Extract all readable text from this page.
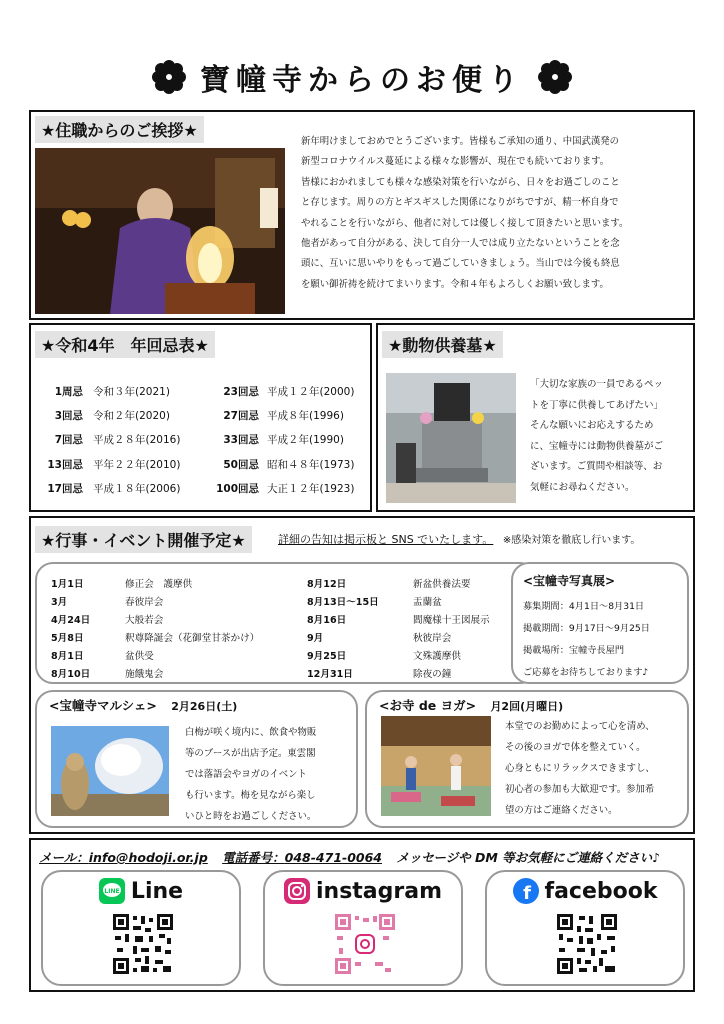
寶幢寺からのお便り
★住職からのご挨拶★
新年明けましておめでとうございます。皆様もご承知の通り、中国武漢発の
新型コロナウイルス蔓延による様々な影響が、現在でも続いております。
皆様におかれましても様々な感染対策を行いながら、日々をお過ごしのこと
と存じます。周りの方とギスギスした関係になりがちですが、精一杯自身で
やれることを行いながら、他者に対しては優しく接して頂きたいと思います。
他者があって自分がある、決して自分一人では成り立たないということを念
頭に、互いに思いやりをもって過ごしていきましょう。当山では今後も終息
を願い御祈祷を続けてまいります。令和４年もよろしくお願い致します。
★令和4年　年回忌表★
1周忌 令和３年(2021)	23回忌 平成１２年(2000)
3回忌 令和２年(2020)	27回忌 平成８年(1996)
7回忌 平成２８年(2016)	33回忌 平成２年(1990)
13回忌 平年２２年(2010)	50回忌 昭和４８年(1973)
17回忌 平成１８年(2006)	100回忌 大正１２年(1923)
★動物供養墓★
「大切な家族の一員であるペッ
トを丁寧に供養してあげたい」
そんな願いにお応えするため
に、宝幢寺には動物供養墓がご
ざいます。ご質問や相談等、お
気軽にお尋ねください。
★行事・イベント開催予定★	詳細の告知は掲示板と SNS でいたします。 ※感染対策を徹底し行います。
1月1日	修正会　護摩供
3月	春彼岸会
4月24日	大般若会
5月8日	釈尊降誕会（花御堂甘茶かけ）
8月1日	盆供受
8月10日	施餓鬼会
8月12日	新盆供養法要
8月13日～15日	盂蘭盆
8月16日	閻魔様十王図展示
9月	秋彼岸会
9月25日	文殊護摩供
12月31日	除夜の鐘
<宝幢寺写真展>
募集期間：4月1日～8月31日
掲載期間：9月17日～9月25日
掲載場所：宝幢寺長屋門
ご応募をお待ちしております♪
<宝幢寺マルシェ> 2月26日(土)
白梅が咲く境内に、飲食や物販
等のブースが出店予定。東雲閣
では落語会やヨガのイベント
も行います。梅を見ながら楽し
いひと時をお過ごしください。
<お寺 de ヨガ> 月2回(月曜日)
本堂でのお勤めによって心を清め、
その後のヨガで体を整えていく。
心身ともにリラックスできますし、
初心者の参加も大歓迎です。参加希
望の方はご連絡ください。
メール：info@hodoji.or.jp 電話番号：048-471-0064 メッセージや DM 等お気軽にご連絡ください♪
LINE Line	instagram	f facebook
